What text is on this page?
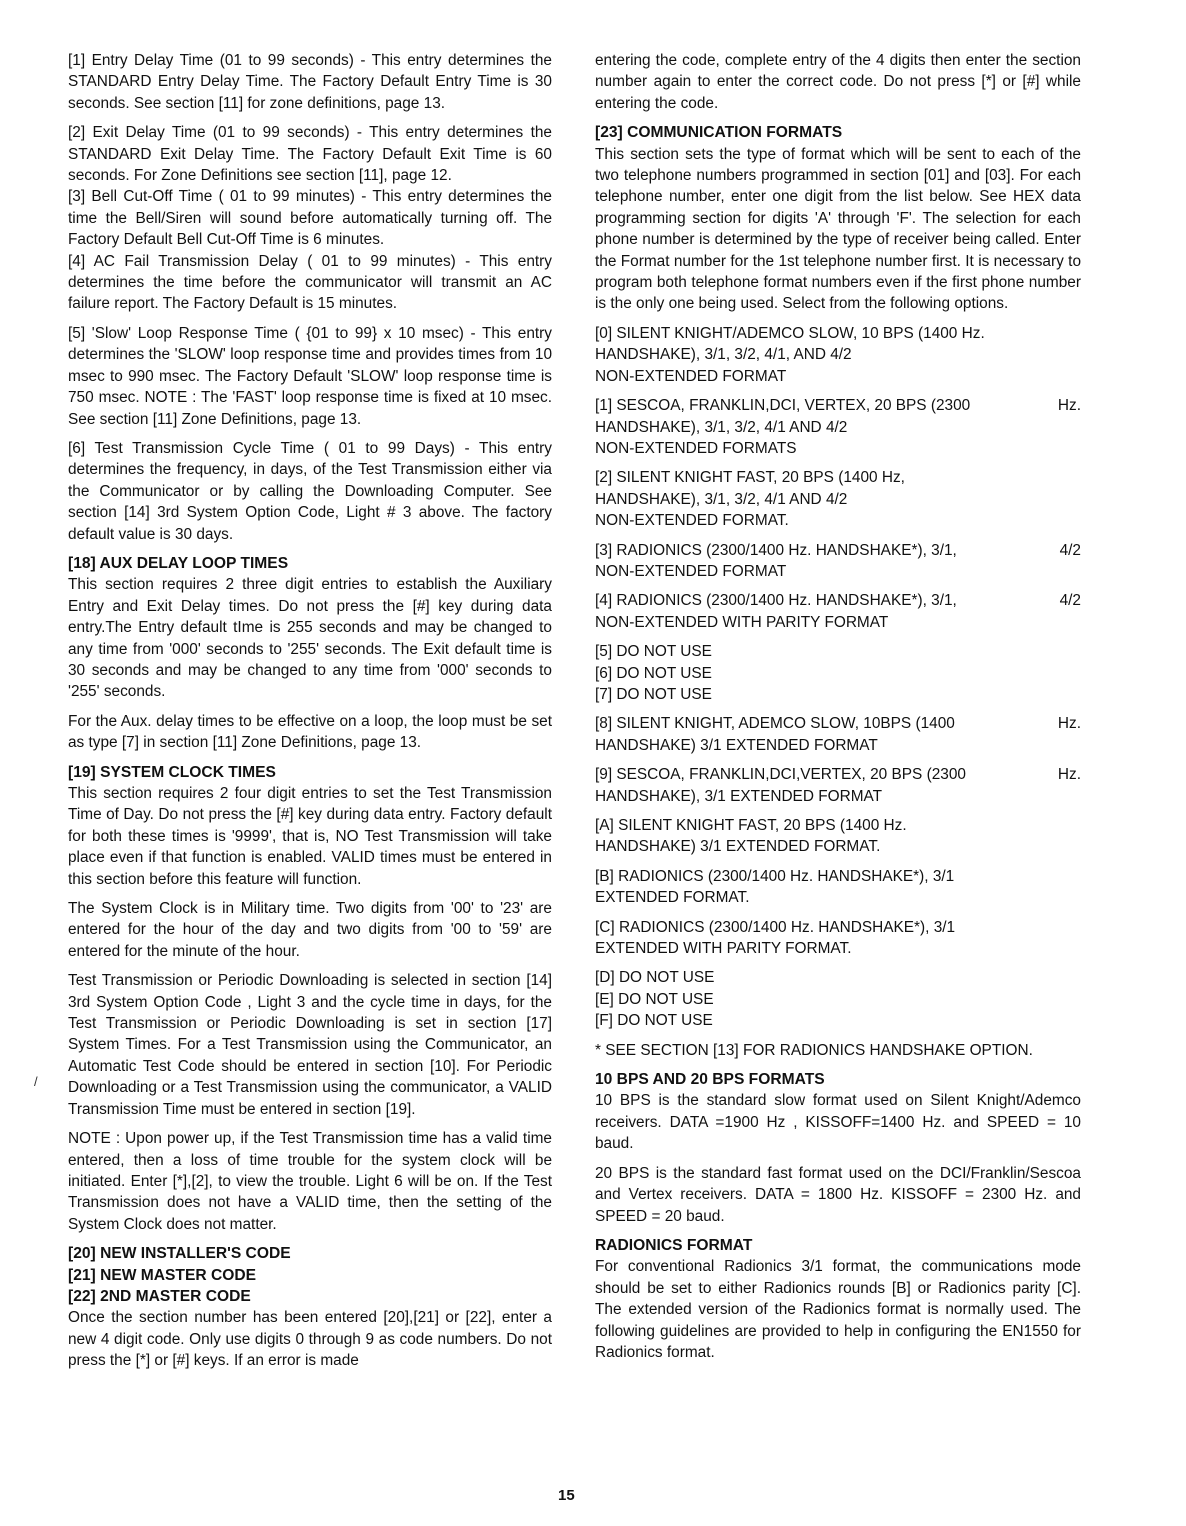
[1] Entry Delay Time (01 to 99 seconds) - This entry determines the STANDARD Entry Delay Time. The Factory Default Entry Time is 30 seconds. See section [11] for zone definitions, page 13.

[2] Exit Delay Time (01 to 99 seconds) - This entry determines the STANDARD Exit Delay Time. The Factory Default Exit Time is 60 seconds. For Zone Definitions see section [11], page 12.

[3] Bell Cut-Off Time ( 01 to 99 minutes) - This entry determines the time the Bell/Siren will sound before automatically turning off. The Factory Default Bell Cut-Off Time is 6 minutes.

[4] AC Fail Transmission Delay ( 01 to 99 minutes) - This entry determines the time before the communicator will transmit an AC failure report. The Factory Default is 15 minutes.

[5] 'Slow' Loop Response Time ( {01 to 99} x 10 msec) - This entry determines the 'SLOW' loop response time and provides times from 10 msec to 990 msec. The Factory Default 'SLOW' loop response time is 750 msec. NOTE : The 'FAST' loop response time is fixed at 10 msec. See section [11] Zone Definitions, page 13.

[6] Test Transmission Cycle Time ( 01 to 99 Days) - This entry determines the frequency, in days, of the Test Transmission either via the Communicator or by calling the Downloading Computer. See section [14] 3rd System Option Code, Light # 3 above. The factory default value is 30 days.

[18] AUX DELAY LOOP TIMES

This section requires 2 three digit entries to establish the Auxiliary Entry and Exit Delay times. Do not press the [#] key during data entry.The Entry default tIme is 255 seconds and may be changed to any time from '000' seconds to '255' seconds. The Exit default time is 30 seconds and may be changed to any time from '000' seconds to '255' seconds.

For the Aux. delay times to be effective on a loop, the loop must be set as type [7] in section [11] Zone Definitions, page 13.

[19] SYSTEM CLOCK TIMES

This section requires 2 four digit entries to set the Test Transmission Time of Day. Do not press the [#] key during data entry. Factory default for both these times is '9999', that is, NO Test Transmission will take place even if that function is enabled. VALID times must be entered in this section before this feature will function.

The System Clock is in Military time. Two digits from '00' to '23' are entered for the hour of the day and two digits from '00 to '59' are entered for the minute of the hour.

Test Transmission or Periodic Downloading is selected in section [14] 3rd System Option Code , Light 3 and the cycle time in days, for the Test Transmission or Periodic Downloading is set in section [17] System Times. For a Test Transmission using the Communicator, an Automatic Test Code should be entered in section [10]. For Periodic Downloading or a Test Transmission using the communicator, a VALID Transmission Time must be entered in section [19].

NOTE : Upon power up, if the Test Transmission time has a valid time entered, then a loss of time trouble for the system clock will be initiated. Enter [*],[2], to view the trouble. Light 6 will be on. If the Test Transmission does not have a VALID time, then the setting of the System Clock does not matter.

[20] NEW INSTALLER'S CODE
[21] NEW MASTER CODE
[22] 2ND MASTER CODE

Once the section number has been entered [20],[21] or [22], enter a new 4 digit code. Only use digits 0 through 9 as code numbers. Do not press the [*] or [#] keys. If an error is made

entering the code, complete entry of the 4 digits then enter the section number again to enter the correct code. Do not press [*] or [#] while entering the code.

[23] COMMUNICATION FORMATS

This section sets the type of format which will be sent to each of the two telephone numbers programmed in section [01] and [03]. For each telephone number, enter one digit from the list below. See HEX data programming section for digits 'A' through 'F'. The selection for each phone number is determined by the type of receiver being called. Enter the Format number for the 1st telephone number first. It is necessary to program both telephone format numbers even if the first phone number is the only one being used. Select from the following options.

[0] SILENT KNIGHT/ADEMCO SLOW, 10 BPS (1400 Hz.
HANDSHAKE), 3/1, 3/2, 4/1, AND 4/2
NON-EXTENDED FORMAT
[1] SESCOA, FRANKLIN,DCI, VERTEX, 20 BPS (2300	Hz.
HANDSHAKE), 3/1, 3/2, 4/1 AND 4/2
NON-EXTENDED FORMATS
[2] SILENT KNIGHT FAST, 20 BPS (1400 Hz,
HANDSHAKE), 3/1, 3/2, 4/1 AND 4/2
NON-EXTENDED FORMAT.
[3] RADIONICS (2300/1400 Hz. HANDSHAKE*), 3/1,	4/2
NON-EXTENDED FORMAT
[4] RADIONICS (2300/1400 Hz. HANDSHAKE*), 3/1,	4/2
NON-EXTENDED WITH PARITY FORMAT
[5] DO NOT USE
[6] DO NOT USE
[7] DO NOT USE
[8] SILENT KNIGHT, ADEMCO SLOW, 10BPS (1400	Hz.
HANDSHAKE) 3/1 EXTENDED FORMAT
[9] SESCOA, FRANKLIN,DCI,VERTEX, 20 BPS (2300	Hz.
HANDSHAKE), 3/1 EXTENDED FORMAT
[A] SILENT KNIGHT FAST, 20 BPS (1400 Hz.
HANDSHAKE) 3/1 EXTENDED FORMAT.
[B] RADIONICS (2300/1400 Hz. HANDSHAKE*), 3/1
EXTENDED FORMAT.
[C] RADIONICS (2300/1400 Hz. HANDSHAKE*), 3/1
EXTENDED WITH PARITY FORMAT.
[D] DO NOT USE
[E] DO NOT USE
[F] DO NOT USE

* SEE SECTION [13] FOR RADIONICS HANDSHAKE OPTION.

10 BPS AND 20 BPS FORMATS

10 BPS is the standard slow format used on Silent Knight/Ademco receivers. DATA =1900 Hz , KISSOFF=1400 Hz. and SPEED = 10 baud.

20 BPS is the standard fast format used on the DCI/Franklin/Sescoa and Vertex receivers. DATA = 1800 Hz. KISSOFF = 2300 Hz. and SPEED = 20 baud.

RADIONICS FORMAT

For conventional Radionics 3/1 format, the communications mode should be set to either Radionics rounds [B] or Radionics parity [C]. The extended version of the Radionics format is normally used. The following guidelines are provided to help in configuring the EN1550 for Radionics format.

/
15
